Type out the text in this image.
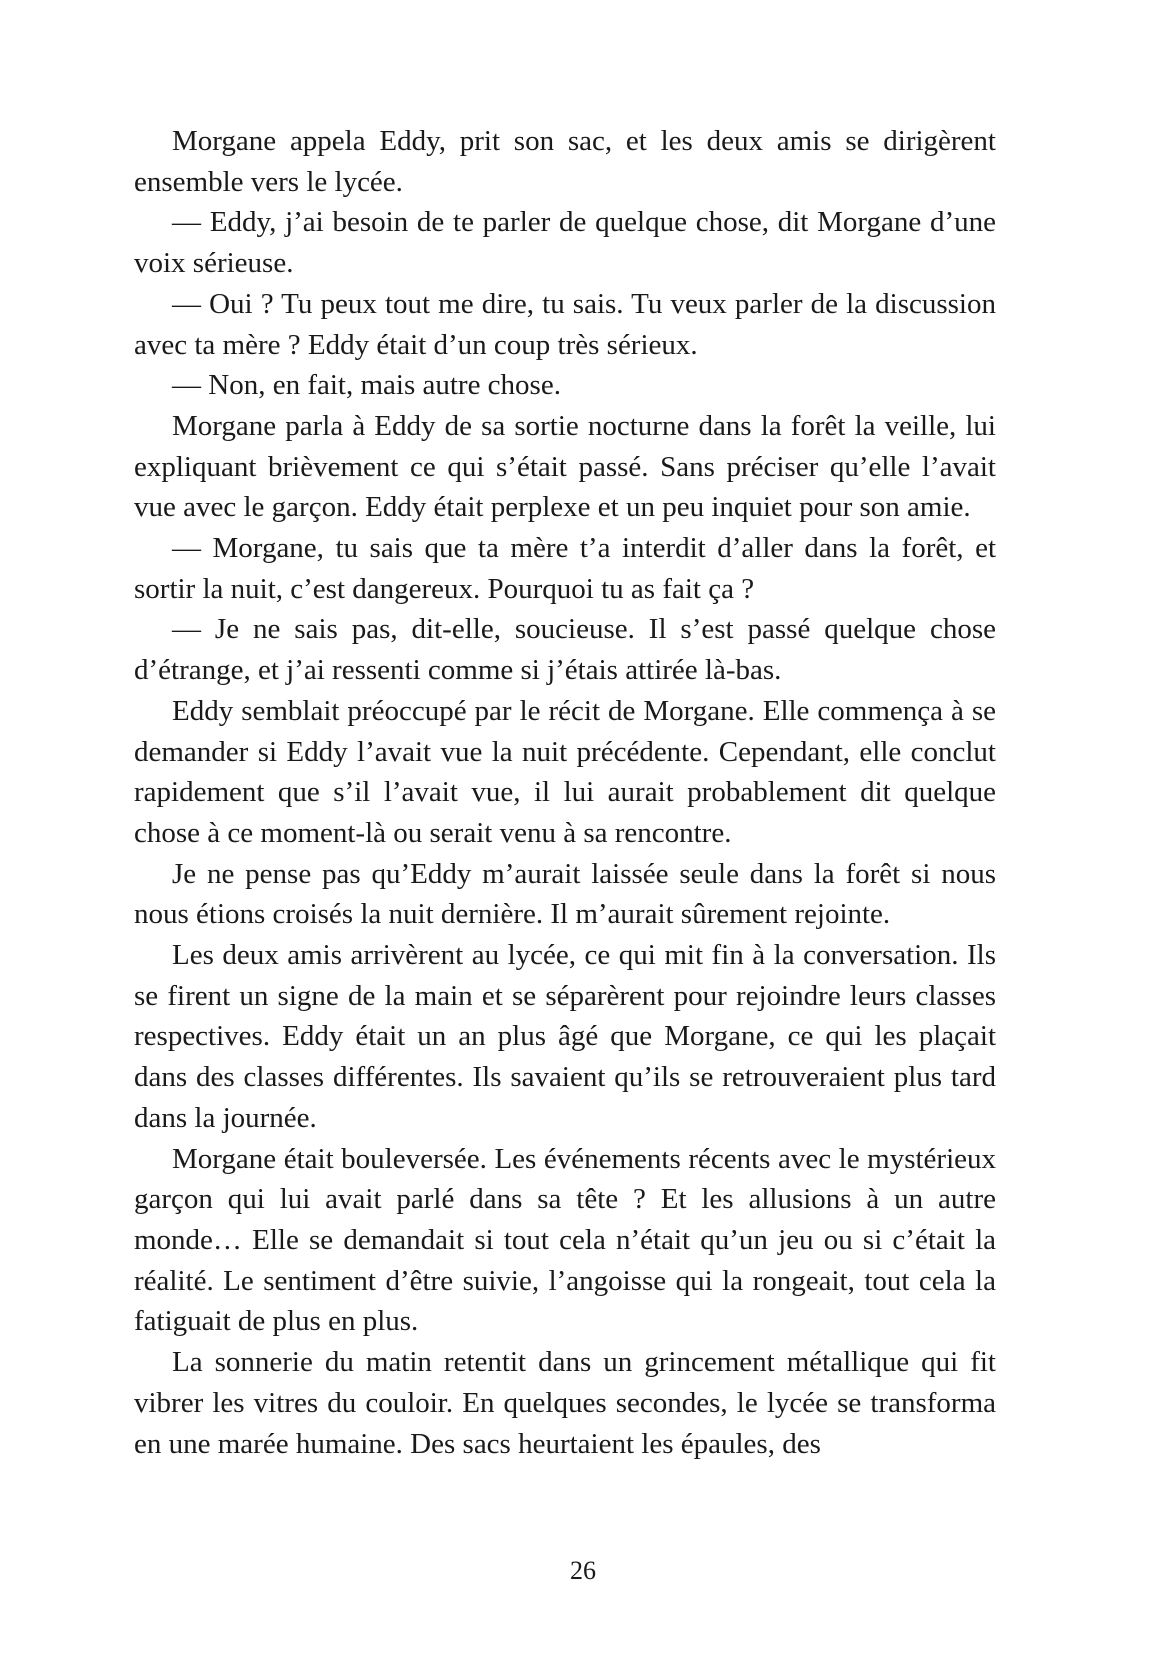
Morgane appela Eddy, prit son sac, et les deux amis se dirigèrent ensemble vers le lycée.

— Eddy, j’ai besoin de te parler de quelque chose, dit Morgane d’une voix sérieuse.

— Oui ? Tu peux tout me dire, tu sais. Tu veux parler de la discussion avec ta mère ? Eddy était d’un coup très sérieux.

— Non, en fait, mais autre chose.

Morgane parla à Eddy de sa sortie nocturne dans la forêt la veille, lui expliquant brièvement ce qui s’était passé. Sans préciser qu’elle l’avait vue avec le garçon. Eddy était perplexe et un peu inquiet pour son amie.

— Morgane, tu sais que ta mère t’a interdit d’aller dans la forêt, et sortir la nuit, c’est dangereux. Pourquoi tu as fait ça ?

— Je ne sais pas, dit-elle, soucieuse. Il s’est passé quelque chose d’étrange, et j’ai ressenti comme si j’étais attirée là-bas.

Eddy semblait préoccupé par le récit de Morgane. Elle commença à se demander si Eddy l’avait vue la nuit précédente. Cependant, elle conclut rapidement que s’il l’avait vue, il lui aurait probablement dit quelque chose à ce moment-là ou serait venu à sa rencontre.

Je ne pense pas qu’Eddy m’aurait laissée seule dans la forêt si nous nous étions croisés la nuit dernière. Il m’aurait sûrement rejointe.

Les deux amis arrivèrent au lycée, ce qui mit fin à la conversation. Ils se firent un signe de la main et se séparèrent pour rejoindre leurs classes respectives. Eddy était un an plus âgé que Morgane, ce qui les plaçait dans des classes différentes. Ils savaient qu’ils se retrouveraient plus tard dans la journée.

Morgane était bouleversée. Les événements récents avec le mystérieux garçon qui lui avait parlé dans sa tête ? Et les allusions à un autre monde… Elle se demandait si tout cela n’était qu’un jeu ou si c’était la réalité. Le sentiment d’être suivie, l’angoisse qui la rongeait, tout cela la fatiguait de plus en plus.

La sonnerie du matin retentit dans un grincement métallique qui fit vibrer les vitres du couloir. En quelques secondes, le lycée se transforma en une marée humaine. Des sacs heurtaient les épaules, des

26
